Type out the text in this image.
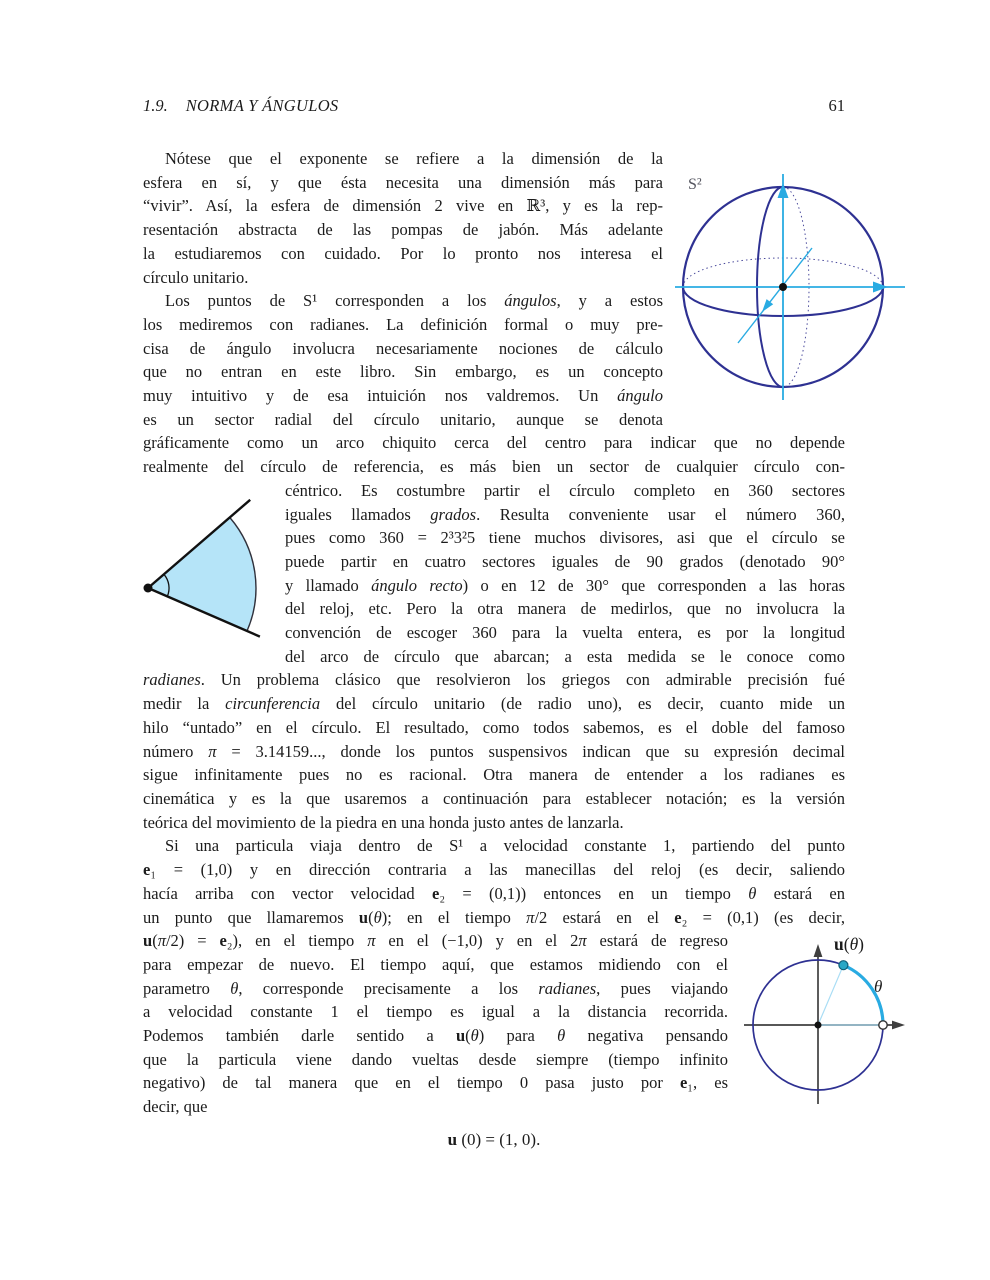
1.9. NORMA Y ÁNGULOS	61
Nótese que el exponente se refiere a la dimensión de la
esfera en sí, y que ésta necesita una dimensión más para
“vivir”. Así, la esfera de dimensión 2 vive en ℝ³, y es la rep-
resentación abstracta de las pompas de jabón. Más adelante
la estudiaremos con cuidado. Por lo pronto nos interesa el
círculo unitario.
Los puntos de S¹ corresponden a los ángulos, y a estos
los mediremos con radianes. La definición formal o muy pre-
cisa de ángulo involucra necesariamente nociones de cálculo
que no entran en este libro. Sin embargo, es un concepto
muy intuitivo y de esa intuición nos valdremos. Un ángulo
es un sector radial del círculo unitario, aunque se denota
gráficamente como un arco chiquito cerca del centro para indicar que no depende
realmente del círculo de referencia, es más bien un sector de cualquier círculo con-
céntrico. Es costumbre partir el círculo completo en 360 sectores
iguales llamados grados. Resulta conveniente usar el número 360,
pues como 360 = 2³3²5 tiene muchos divisores, asi que el círculo se
puede partir en cuatro sectores iguales de 90 grados (denotado 90°
y llamado ángulo recto) o en 12 de 30° que corresponden a las horas
del reloj, etc. Pero la otra manera de medirlos, que no involucra la
convención de escoger 360 para la vuelta entera, es por la longitud
del arco de círculo que abarcan; a esta medida se le conoce como
radianes. Un problema clásico que resolvieron los griegos con admirable precisión fué
medir la circunferencia del círculo unitario (de radio uno), es decir, cuanto mide un
hilo “untado” en el círculo. El resultado, como todos sabemos, es el doble del famoso
número π = 3.14159..., donde los puntos suspensivos indican que su expresión decimal
sigue infinitamente pues no es racional. Otra manera de entender a los radianes es
cinemática y es la que usaremos a continuación para establecer notación; es la versión
teórica del movimiento de la piedra en una honda justo antes de lanzarla.
Si una particula viaja dentro de S¹ a velocidad constante 1, partiendo del punto
e₁ = (1,0) y en dirección contraria a las manecillas del reloj (es decir, saliendo
hacía arriba con vector velocidad e₂ = (0,1)) entonces en un tiempo θ estará en
un punto que llamaremos u(θ); en el tiempo π/2 estará en el e₂ = (0,1) (es decir,
u(π/2) = e₂), en el tiempo π en el (−1,0) y en el 2π estará de regreso
para empezar de nuevo. El tiempo aquí, que estamos midiendo con el
parametro θ, corresponde precisamente a los radianes, pues viajando
a velocidad constante 1 el tiempo es igual a la distancia recorrida.
Podemos también darle sentido a u(θ) para θ negativa pensando
que la particula viene dando vueltas desde siempre (tiempo infinito
negativo) de tal manera que en el tiempo 0 pasa justo por e₁, es
decir, que
u (0) = (1, 0).
S²
u(θ)
θ
